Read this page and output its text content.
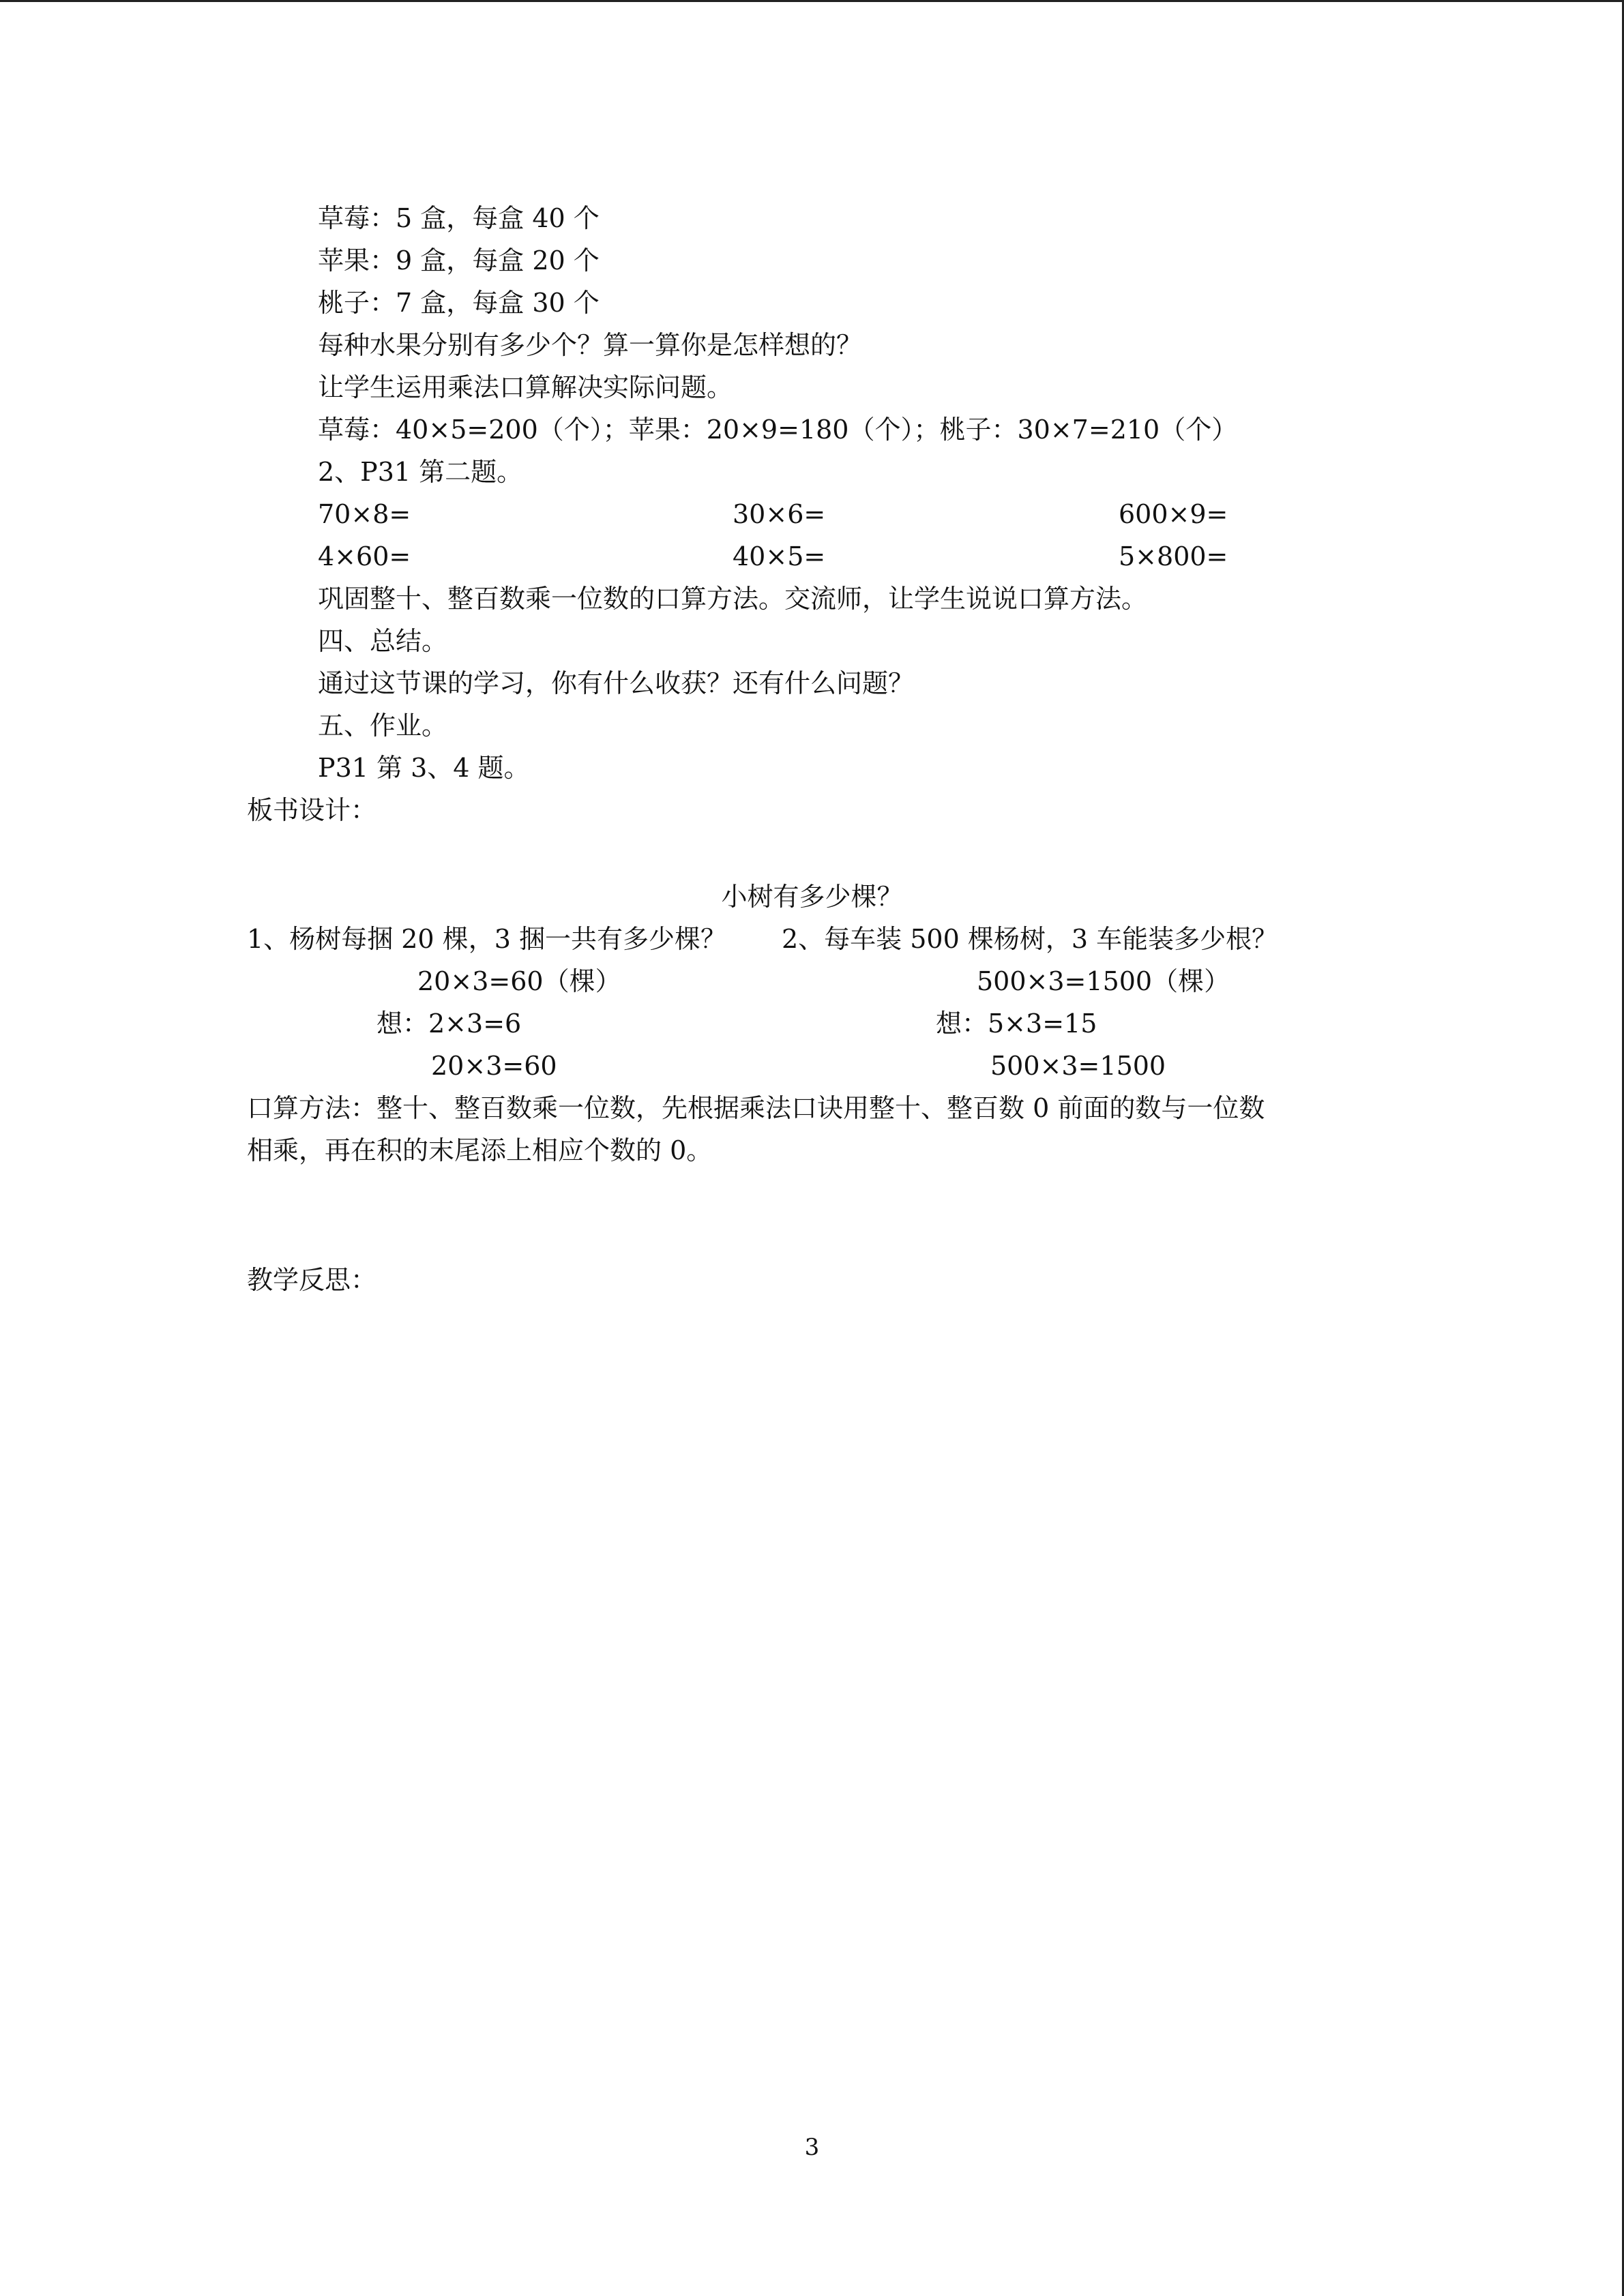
草莓：5 盒，每盒 40 个
苹果：9 盒，每盒 20 个
桃子：7 盒，每盒 30 个
每种水果分别有多少个？算一算你是怎样想的？
让学生运用乘法口算解决实际问题。
草莓：40×5=200（个）；苹果：20×9=180（个）；桃子：30×7=210（个）
2、P31 第二题。
70×8=	30×6=	600×9=
4×60=	40×5=	5×800=
巩固整十、整百数乘一位数的口算方法。交流师，让学生说说口算方法。
四、总结。
通过这节课的学习，你有什么收获？还有什么问题？
五、作业。
P31 第 3、4 题。
板书设计：
小树有多少棵？
1、杨树每捆 20 棵，3 捆一共有多少棵？ 2、每车装 500 棵杨树，3 车能装多少根？
20×3=60（棵）	500×3=1500（棵）
想：2×3=6	想：5×3=15
20×3=60	500×3=1500
口算方法：整十、整百数乘一位数，先根据乘法口诀用整十、整百数 0 前面的数与一位数
相乘，再在积的末尾添上相应个数的 0。
教学反思：
3
